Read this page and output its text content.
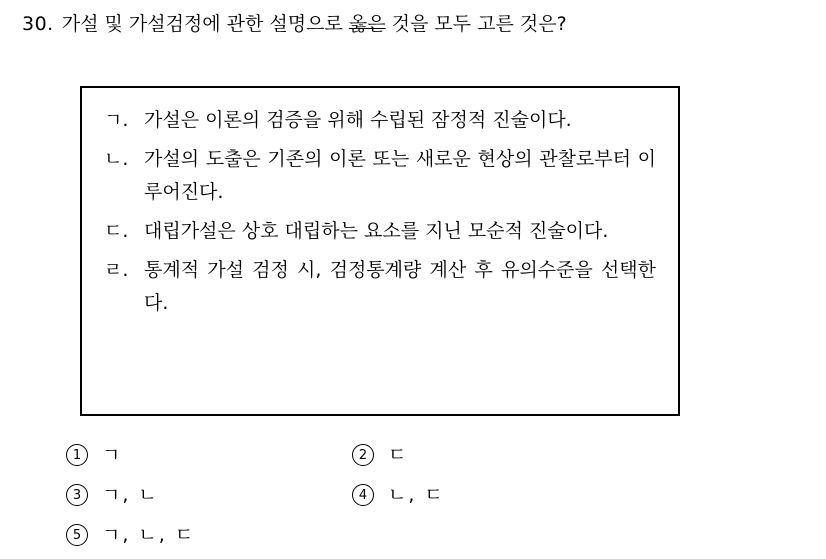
30. 가설 및 가설검정에 관한 설명으로 옳은 것을 모두 고른 것은?
ㄱ. 가설은 이론의 검증을 위해 수립된 잠정적 진술이다.
ㄴ. 가설의 도출은 기존의 이론 또는 새로운 현상의 관찰로부터 이루어진다.
ㄷ. 대립가설은 상호 대립하는 요소를 지닌 모순적 진술이다.
ㄹ. 통계적 가설 검정 시, 검정통계량 계산 후 유의수준을 선택한다.
1	ㄱ	2	ㄷ
3	ㄱ, ㄴ	4	ㄴ, ㄷ
5	ㄱ, ㄴ, ㄷ
